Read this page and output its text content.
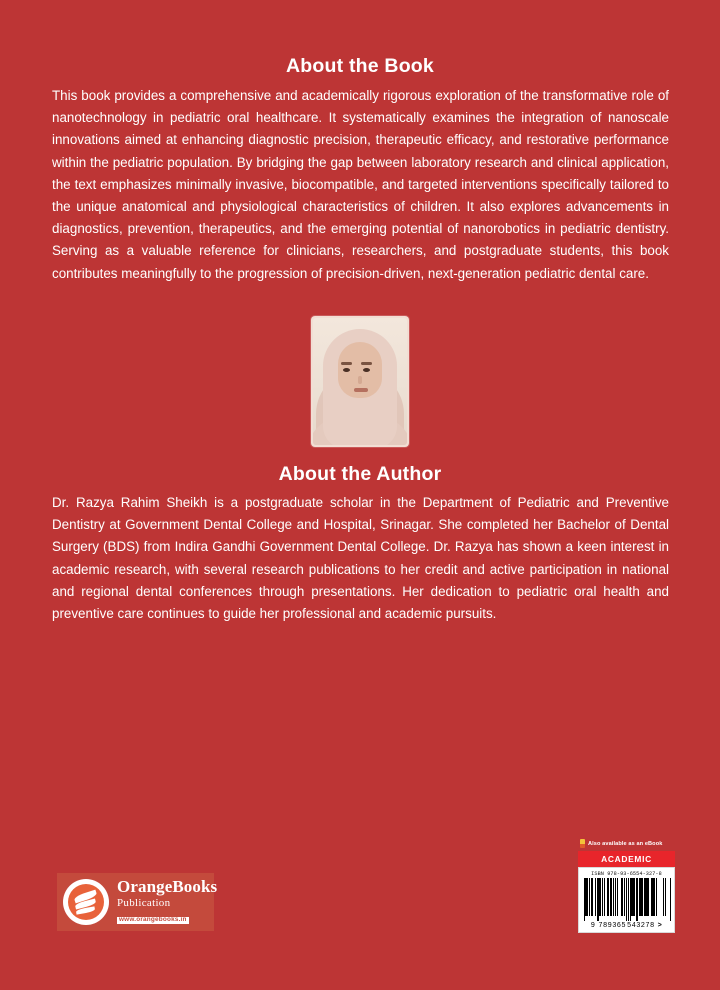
About the Book
This book provides a comprehensive and academically rigorous exploration of the transformative role of nanotechnology in pediatric oral healthcare. It systematically examines the integration of nanoscale innovations aimed at enhancing diagnostic precision, therapeutic efficacy, and restorative performance within the pediatric population. By bridging the gap between laboratory research and clinical application, the text emphasizes minimally invasive, biocompatible, and targeted interventions specifically tailored to the unique anatomical and physiological characteristics of children. It also explores advancements in diagnostics, prevention, therapeutics, and the emerging potential of nanorobotics in pediatric dentistry. Serving as a valuable reference for clinicians, researchers, and postgraduate students, this book contributes meaningfully to the progression of precision-driven, next-generation pediatric dental care.
About the Author
Dr. Razya Rahim Sheikh is a postgraduate scholar in the Department of Pediatric and Preventive Dentistry at Government Dental College and Hospital, Srinagar. She completed her Bachelor of Dental Surgery (BDS) from Indira Gandhi Government Dental College. Dr. Razya has shown a keen interest in academic research, with several research publications to her credit and active participation in national and regional dental conferences through presentations. Her dedication to pediatric oral health and preventive care continues to guide her professional and academic pursuits.
OrangeBooks
Publication
www.orangebooks.in
Also available as an eBook
ACADEMIC
ISBN 978-93-6554-327-8
9 789365 543278 >
